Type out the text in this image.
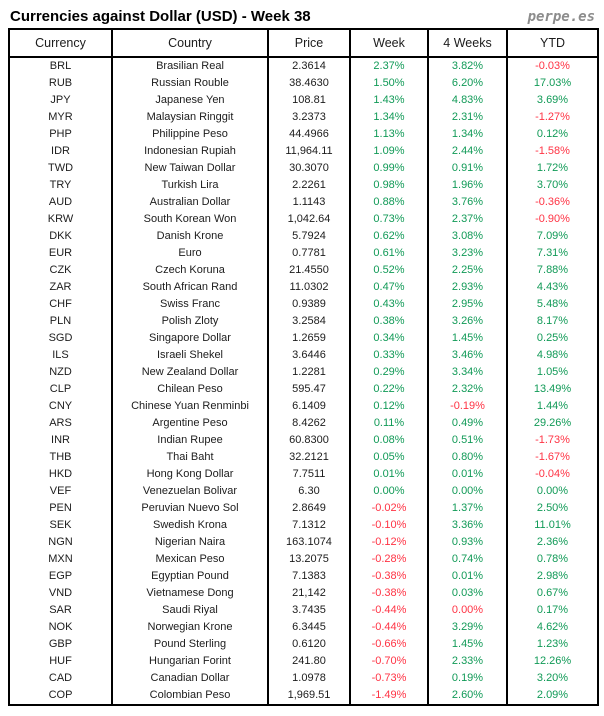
Currencies against Dollar (USD) - Week 38	perpe.es
Currency	Country	Price	Week	4 Weeks	YTD
BRL	Brasilian Real	2.3614	2.37%	3.82%	-0.03%
RUB	Russian Rouble	38.4630	1.50%	6.20%	17.03%
JPY	Japanese Yen	108.81	1.43%	4.83%	3.69%
MYR	Malaysian Ringgit	3.2373	1.34%	2.31%	-1.27%
PHP	Philippine Peso	44.4966	1.13%	1.34%	0.12%
IDR	Indonesian Rupiah	11,964.11	1.09%	2.44%	-1.58%
TWD	New Taiwan Dollar	30.3070	0.99%	0.91%	1.72%
TRY	Turkish Lira	2.2261	0.98%	1.96%	3.70%
AUD	Australian Dollar	1.1143	0.88%	3.76%	-0.36%
KRW	South Korean Won	1,042.64	0.73%	2.37%	-0.90%
DKK	Danish Krone	5.7924	0.62%	3.08%	7.09%
EUR	Euro	0.7781	0.61%	3.23%	7.31%
CZK	Czech Koruna	21.4550	0.52%	2.25%	7.88%
ZAR	South African Rand	11.0302	0.47%	2.93%	4.43%
CHF	Swiss Franc	0.9389	0.43%	2.95%	5.48%
PLN	Polish Zloty	3.2584	0.38%	3.26%	8.17%
SGD	Singapore Dollar	1.2659	0.34%	1.45%	0.25%
ILS	Israeli Shekel	3.6446	0.33%	3.46%	4.98%
NZD	New Zealand Dollar	1.2281	0.29%	3.34%	1.05%
CLP	Chilean Peso	595.47	0.22%	2.32%	13.49%
CNY	Chinese Yuan Renminbi	6.1409	0.12%	-0.19%	1.44%
ARS	Argentine Peso	8.4262	0.11%	0.49%	29.26%
INR	Indian Rupee	60.8300	0.08%	0.51%	-1.73%
THB	Thai Baht	32.2121	0.05%	0.80%	-1.67%
HKD	Hong Kong Dollar	7.7511	0.01%	0.01%	-0.04%
VEF	Venezuelan Bolivar	6.30	0.00%	0.00%	0.00%
PEN	Peruvian Nuevo Sol	2.8649	-0.02%	1.37%	2.50%
SEK	Swedish Krona	7.1312	-0.10%	3.36%	11.01%
NGN	Nigerian Naira	163.1074	-0.12%	0.93%	2.36%
MXN	Mexican Peso	13.2075	-0.28%	0.74%	0.78%
EGP	Egyptian Pound	7.1383	-0.38%	0.01%	2.98%
VND	Vietnamese Dong	21,142	-0.38%	0.03%	0.67%
SAR	Saudi Riyal	3.7435	-0.44%	0.00%	0.17%
NOK	Norwegian Krone	6.3445	-0.44%	3.29%	4.62%
GBP	Pound Sterling	0.6120	-0.66%	1.45%	1.23%
HUF	Hungarian Forint	241.80	-0.70%	2.33%	12.26%
CAD	Canadian Dollar	1.0978	-0.73%	0.19%	3.20%
COP	Colombian Peso	1,969.51	-1.49%	2.60%	2.09%
